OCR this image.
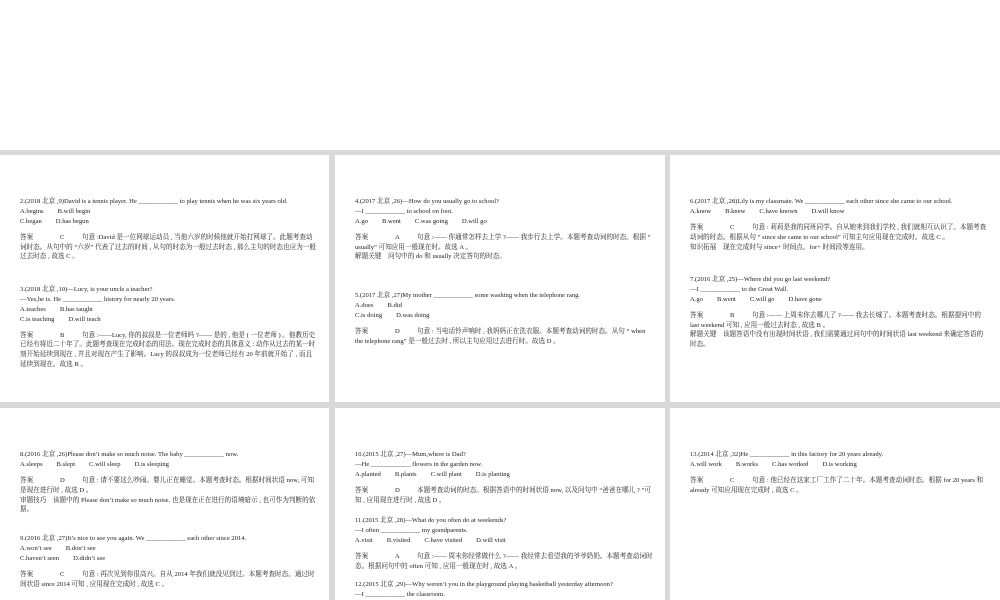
2.(2018 北京 ,9)David is a tennis player. He ____________ to play tennis when he was six years old.
A.begins B.will begin
C.began D.has begun
答案	C	句意 :David 是一位网球运动员 , 当他六岁的时候他就开始打网球了。此题考查动词时态。从句中的 “六岁” 代表了过去的时间 , 从句的时态为一般过去时态 , 那么主句的时态也应为一般过去时态 , 故选 C 。
3.(2018 北京 ,10)—Lucy, is your uncle a teacher?
—Yes,he is. He ____________ history for nearly 20 years.
A.teaches B.has taught
C.is teaching D.will teach
答案	B	句意 :——Lucy, 你的叔叔是一位老师吗 ?—— 是的 , 他是 ( 一位老师 ) 。他教历史已经有将近二十年了。此题考查现在完成时态的用法。现在完成时态的具体意义 : 动作从过去的某一时刻开始延续到现在 , 并且对现在产生了影响。Lucy 的叔叔成为一位老师已经有 20 年前就开始了 , 而且延续到现在。故选 B 。
4.(2017 北京 ,26)—How do you usually go to school?
—I ____________ to school on foot.
A.go B.went C.was going D.will go
答案	A	句意 :—— 你通常怎样去上学 ?—— 我步行去上学。本题考查动词的时态。根据 “ usually” 可知应用一般现在时。故选 A 。
解题关键　问句中的 do 和 usually 决定答句的时态。
5.(2017 北京 ,27)My mother ____________ some washing when the telephone rang.
A.does B.did
C.is doing D.was doing
答案	D	句意 : 当电话铃声响时 , 我妈妈正在洗衣服。本题考查动词的时态。从句 “ when the telephone rang” 是一般过去时 , 所以主句应用过去进行时。故选 D 。
6.(2017 北京 ,28)Lily is my classmate. We ____________ each other since she came to our school.
A.know B.knew C.have known D.will know
答案	C	句意 : 莉莉是我的同班同学。自从她来到我们学校 , 我们就相互认识了。本题考查动词的时态。根据从句 “ since she came to our school” 可知主句应用现在完成时。故选 C 。
知识拓展　现在完成时与 since+ 时间点、for+ 时间段等连用。
7.(2016 北京 ,25)—Where did you go last weekend?
—I ____________ to the Great Wall.
A.go B.went C.will go D.have gone
答案	B	句意 :—— 上周末你去哪儿了 ?—— 我去长城了。本题考查时态。根据提问中的 last weekend 可知 , 应用一般过去时态 , 故选 B 。
解题关键　该题答语中没有出现时间状语 , 我们需要通过问句中的时间状语 last weekend 来确定答语的时态。
8.(2016 北京 ,26)Please don’t make so much noise. The baby ____________ now.
A.sleeps B.slept C.will sleep D.is sleeping
答案	D	句意 : 请不要这么吵闹。婴儿正在睡觉。本题考查时态。根据时间状语 now, 可知是现在进行时 , 故选 D 。
审题技巧　该题中的 Please don’t make so much noise. 也是现在正在进行的语境暗示 , 也可作为判断的依据。
9.(2016 北京 ,27)It’s nice to see you again. We ____________ each other since 2014.
A.won’t see B.don’t see
C.haven’t seen D.didn’t see
答案	C	句意 : 再次见到你很高兴。自从 2014 年我们就没见到过。本题考查时态。通过时间状语 since 2014 可知 , 应用现在完成时 , 故选 C 。
10.(2015 北京 ,27)—Mum,where is Dad?
—He ____________ flowers in the garden now.
A.planted B.plants C.will plant D.is planting
答案	D	本题考查动词的时态。根据答语中的时间状语 now, 以及问句中 “爸爸在哪儿 ? ”可知 , 应用现在进行时 , 故选 D 。
11.(2015 北京 ,28)—What do you often do at weekends?
—I often ____________ my grandparents.
A.visit B.visited C.have visited D.will visit
答案	A	句意 :—— 周末你经常做什么 ?—— 我经常去看望我的爷爷奶奶。本题考查动词时态。根据问句中的 often 可知 , 应用一般现在时 , 故选 A 。
12.(2015 北京 ,29)—Why weren’t you in the playground playing basketball yesterday afternoon?
—I ____________ the classroom.
13.(2014 北京 ,32)He ____________ in this factory for 20 years already.
A.will work B.works C.has worked D.is working
答案	C	句意 : 他已经在这家工厂工作了二十年。本题考查动词时态。根据 for 20 years 和 already 可知应用现在完成时 , 故选 C 。
